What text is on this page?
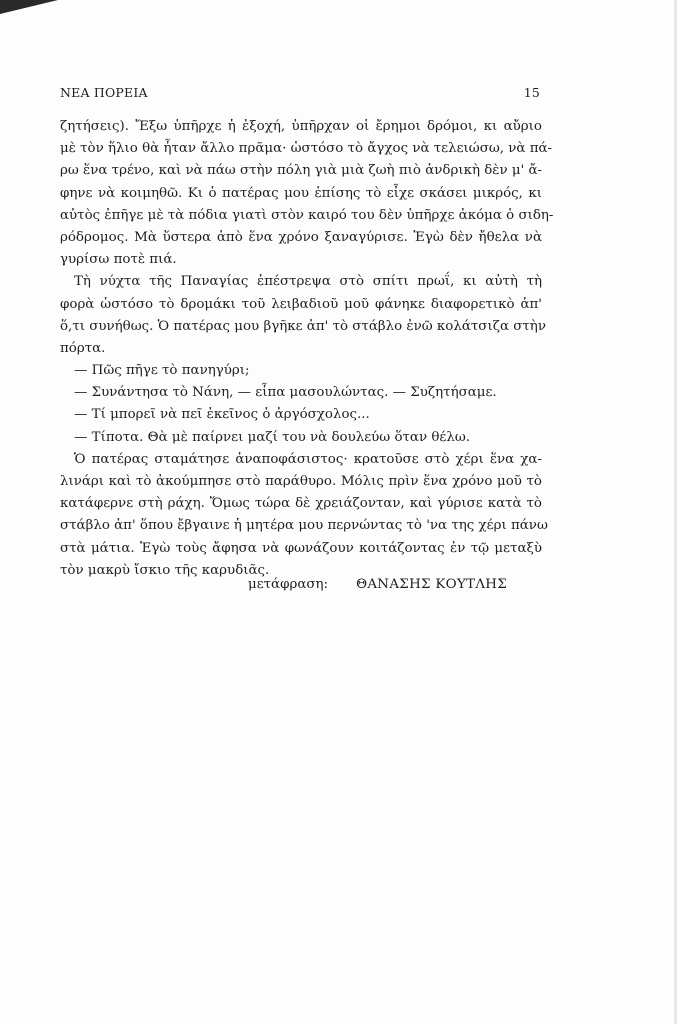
ΝΕΑ ΠΟΡΕΙΑ	15
ζητήσεις). Ἔξω ὑπῆρχε ἡ ἐξοχή, ὑπῆρχαν οἱ ἔρημοι δρόμοι, κι αὔριο
μὲ τὸν ἥλιο θὰ ἦταν ἄλλο πρᾶμα· ὡστόσο τὸ ἄγχος νὰ τελειώσω, νὰ πά-
ρω ἕνα τρένο, καὶ νὰ πάω στὴν πόλη γιὰ μιὰ ζωὴ πιὸ ἀνδρικὴ δὲν μ' ἄ-
φηνε νὰ κοιμηθῶ. Κι ὁ πατέρας μου ἐπίσης τὸ εἶχε σκάσει μικρός, κι
αὐτὸς ἐπῆγε μὲ τὰ πόδια γιατὶ στὸν καιρό του δὲν ὑπῆρχε ἀκόμα ὁ σιδη-
ρόδρομος. Μὰ ὕστερα ἀπὸ ἕνα χρόνο ξαναγύρισε. Ἐγὼ δὲν ἤθελα νὰ
γυρίσω ποτὲ πιά.
Τὴ νύχτα τῆς Παναγίας ἐπέστρεψα στὸ σπίτι πρωΐ, κι αὐτὴ τὴ
φορὰ ὡστόσο τὸ δρομάκι τοῦ λειβαδιοῦ μοῦ φάνηκε διαφορετικὸ ἀπ'
ὅ,τι συνήθως. Ὁ πατέρας μου βγῆκε ἀπ' τὸ στάβλο ἐνῶ κολάτσιζα στὴν
πόρτα.
— Πῶς πῆγε τὸ πανηγύρι;
— Συνάντησα τὸ Νάνη, — εἶπα μασουλώντας. — Συζητήσαμε.
— Τί μπορεῖ νὰ πεῖ ἐκεῖνος ὁ ἀργόσχολος...
— Τίποτα. Θὰ μὲ παίρνει μαζί του νὰ δουλεύω ὅταν θέλω.
Ὁ πατέρας σταμάτησε ἀναποφάσιστος· κρατοῦσε στὸ χέρι ἕνα χα-
λινάρι καὶ τὸ ἀκούμπησε στὸ παράθυρο. Μόλις πρὶν ἕνα χρόνο μοῦ τὸ
κατάφερνε στὴ ράχη. Ὅμως τώρα δὲ χρειάζονταν, καὶ γύρισε κατὰ τὸ
στάβλο ἀπ' ὅπου ἔβγαινε ἡ μητέρα μου περνώντας τὸ 'να της χέρι πάνω
στὰ μάτια. Ἐγὼ τοὺς ἄφησα νὰ φωνάζουν κοιτάζοντας ἐν τῷ μεταξὺ
τὸν μακρὺ ἴσκιο τῆς καρυδιᾶς.
μετάφραση: ΘΑΝΑΣΗΣ ΚΟΥΤΛΗΣ
